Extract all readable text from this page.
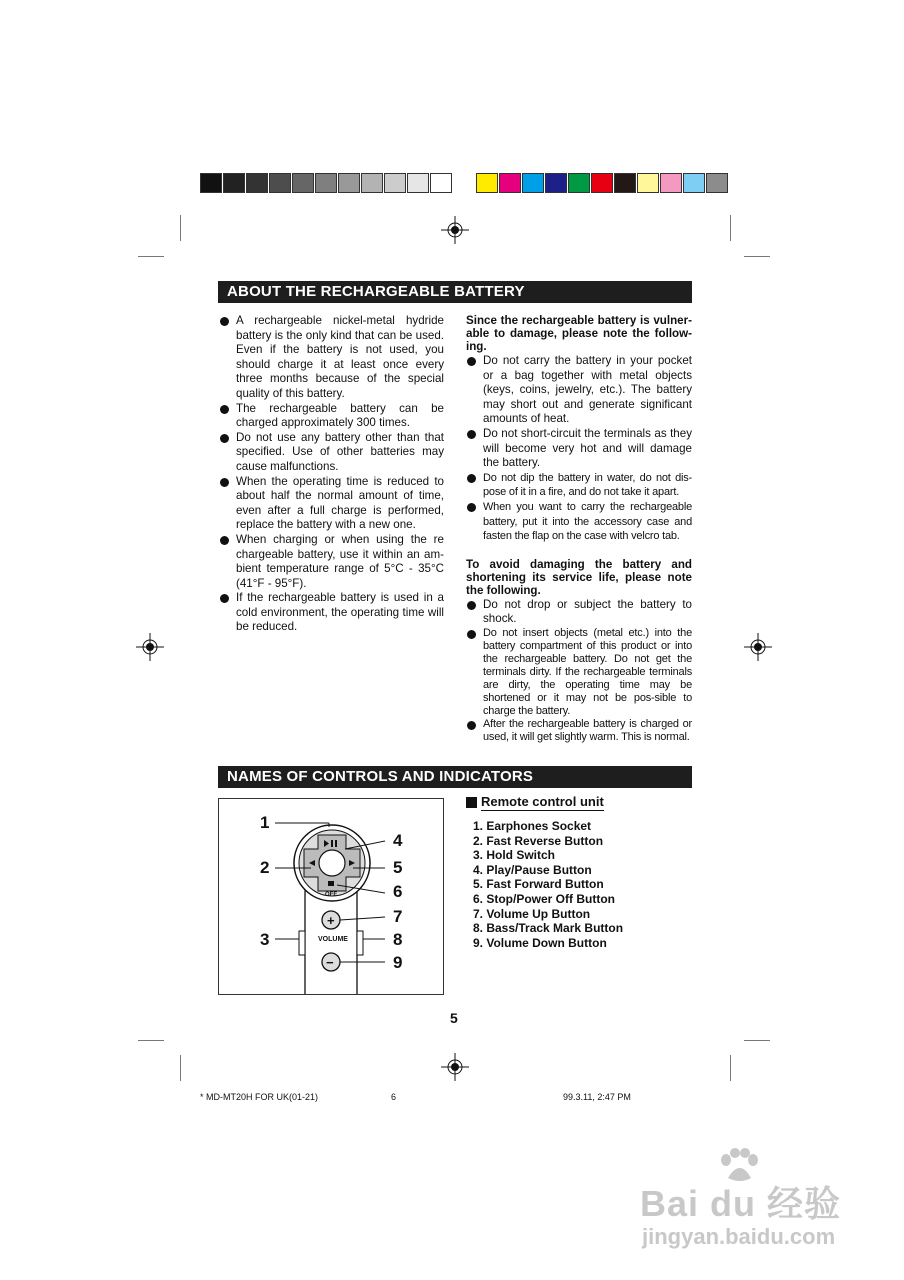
ABOUT THE RECHARGEABLE BATTERY
A rechargeable nickel-metal hydride battery is the only kind that can be used. Even if the battery is not used, you should charge it at least once every three months because of the special quality of this battery.
The rechargeable battery can be charged approximately 300 times.
Do not use any battery other than that specified. Use of other batteries may cause malfunctions.
When the operating time is reduced to about half the normal amount of time, even after a full charge is performed, replace the battery with a new one.
When charging or when using the re chargeable battery, use it within an am-bient temperature range of 5°C - 35°C (41°F - 95°F).
If the rechargeable battery is used in a cold environment, the operating time will be reduced.
Since the rechargeable battery is vulner-able to damage, please note the follow-ing.
Do not carry the battery in your pocket or a bag together with metal objects (keys, coins, jewelry, etc.). The battery may short out and generate significant amounts of heat.
Do not short-circuit the terminals as they will become very hot and will damage the battery.
Do not dip the battery in water, do not dis-pose of it in a fire, and do not take it apart.
When you want to carry the rechargeable battery, put it into the accessory case and fasten the flap on the case with velcro tab.
To avoid damaging the battery and shortening its service life, please note the following.
Do not drop or subject the battery to shock.
Do not insert objects (metal etc.) into the battery compartment of this product or into the rechargeable battery. Do not get the terminals dirty. If the rechargeable terminals are dirty, the operating time may be shortened or it may not be pos-sible to charge the battery.
After the rechargeable battery is charged or used, it will get slightly warm. This is normal.
NAMES OF CONTROLS AND INDICATORS
+
−
VOLUME
OFF
1
2
3
4
5
6
7
8
9
Remote control unit
1. Earphones Socket
2. Fast Reverse Button
3. Hold Switch
4. Play/Pause Button
5. Fast Forward Button
6. Stop/Power Off Button
7. Volume Up Button
8. Bass/Track Mark Button
9. Volume Down Button
5
* MD-MT20H FOR UK(01-21)	6	99.3.11, 2:47 PM
Bai du 经验
jingyan.baidu.com
